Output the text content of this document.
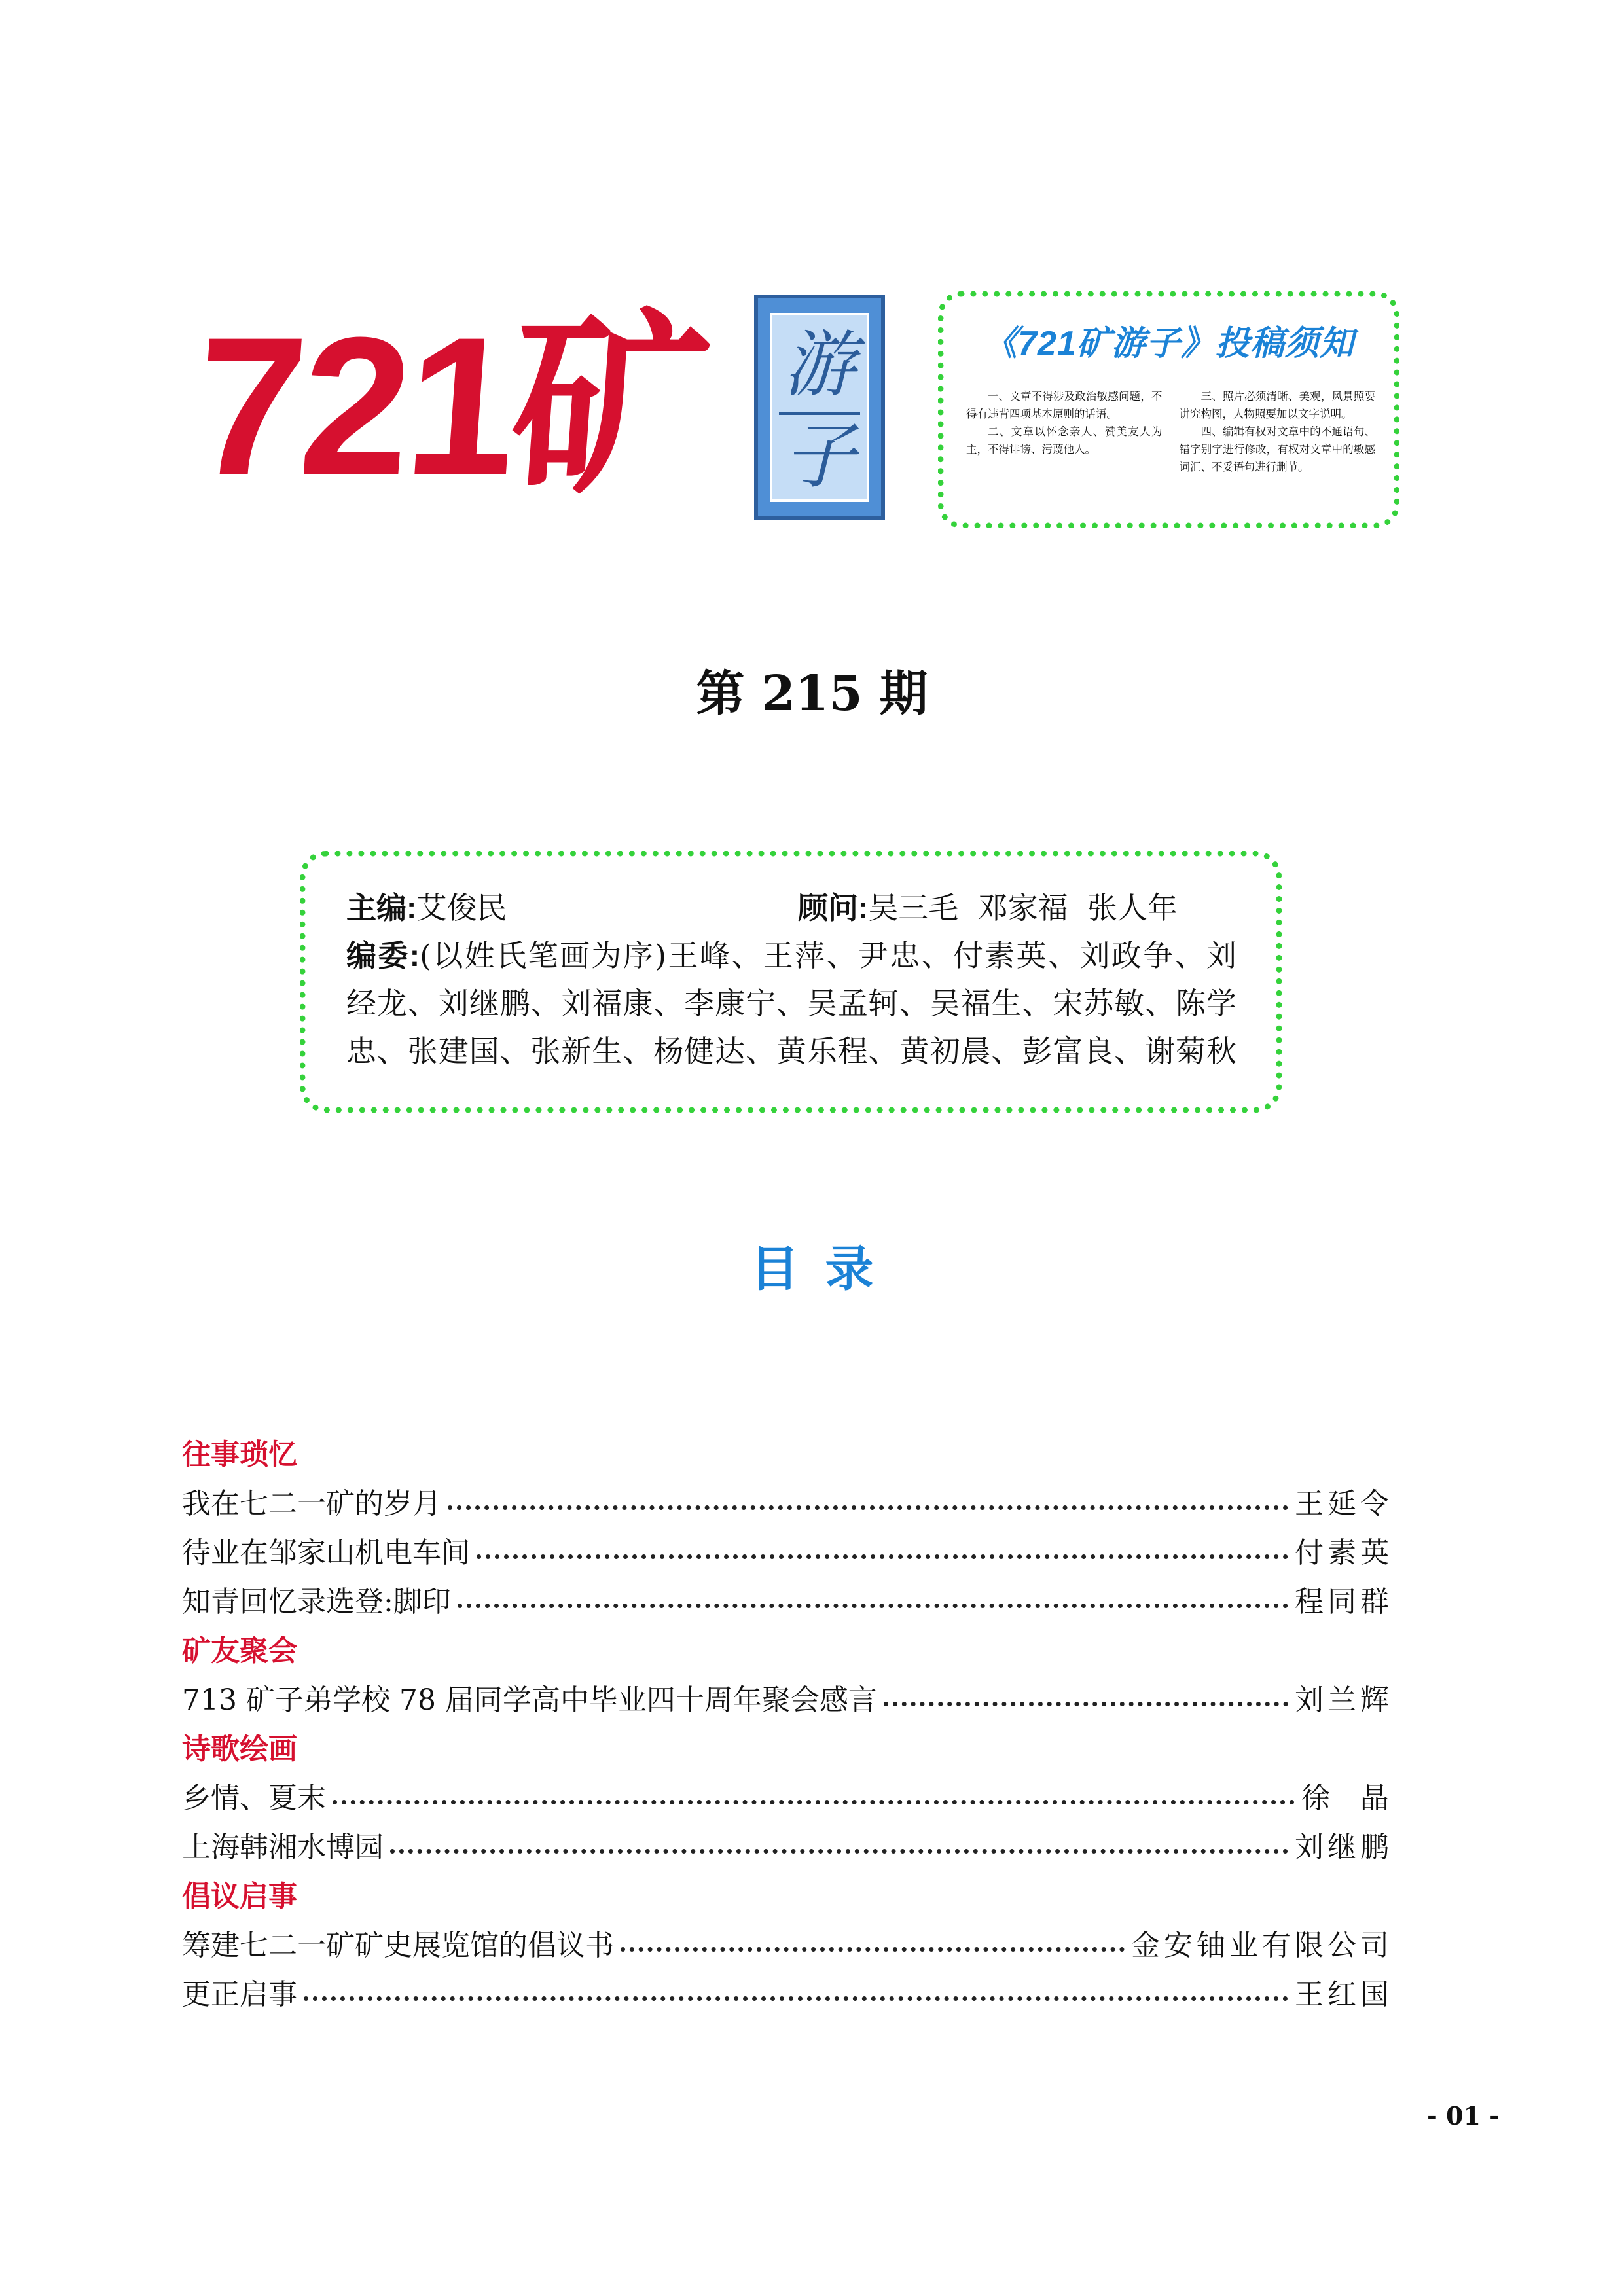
721矿 游
子
《721矿游子》投稿须知

一、文章不得涉及政治敏感问题，不得有违背四项基本原则的话语。

二、文章以怀念亲人、赞美友人为主，不得诽谤、污蔑他人。

三、照片必须清晰、美观，风景照要讲究构图，人物照要加以文字说明。

四、编辑有权对文章中的不通语句、错字别字进行修改，有权对文章中的敏感词汇、不妥语句进行删节。

第 215 期
主编:艾俊民	顾问:吴三毛  邓家福  张人年
编委:(以姓氏笔画为序)王峰、王萍、尹忠、付素英、刘政争、刘
经龙、刘继鹏、刘福康、李康宁、吴孟轲、吴福生、宋苏敏、陈学
忠、张建国、张新生、杨健达、黄乐程、黄初晨、彭富良、谢菊秋
目录
往事琐忆
我在七二一矿的岁月	王延令
待业在邹家山机电车间	付素英
知青回忆录选登:脚印	程同群
矿友聚会
713 矿子弟学校 78 届同学高中毕业四十周年聚会感言	刘兰辉
诗歌绘画
乡情、夏末	徐  晶
上海韩湘水博园	刘继鹏
倡议启事
筹建七二一矿矿史展览馆的倡议书	金安铀业有限公司
更正启事	王红国
- 01 -
